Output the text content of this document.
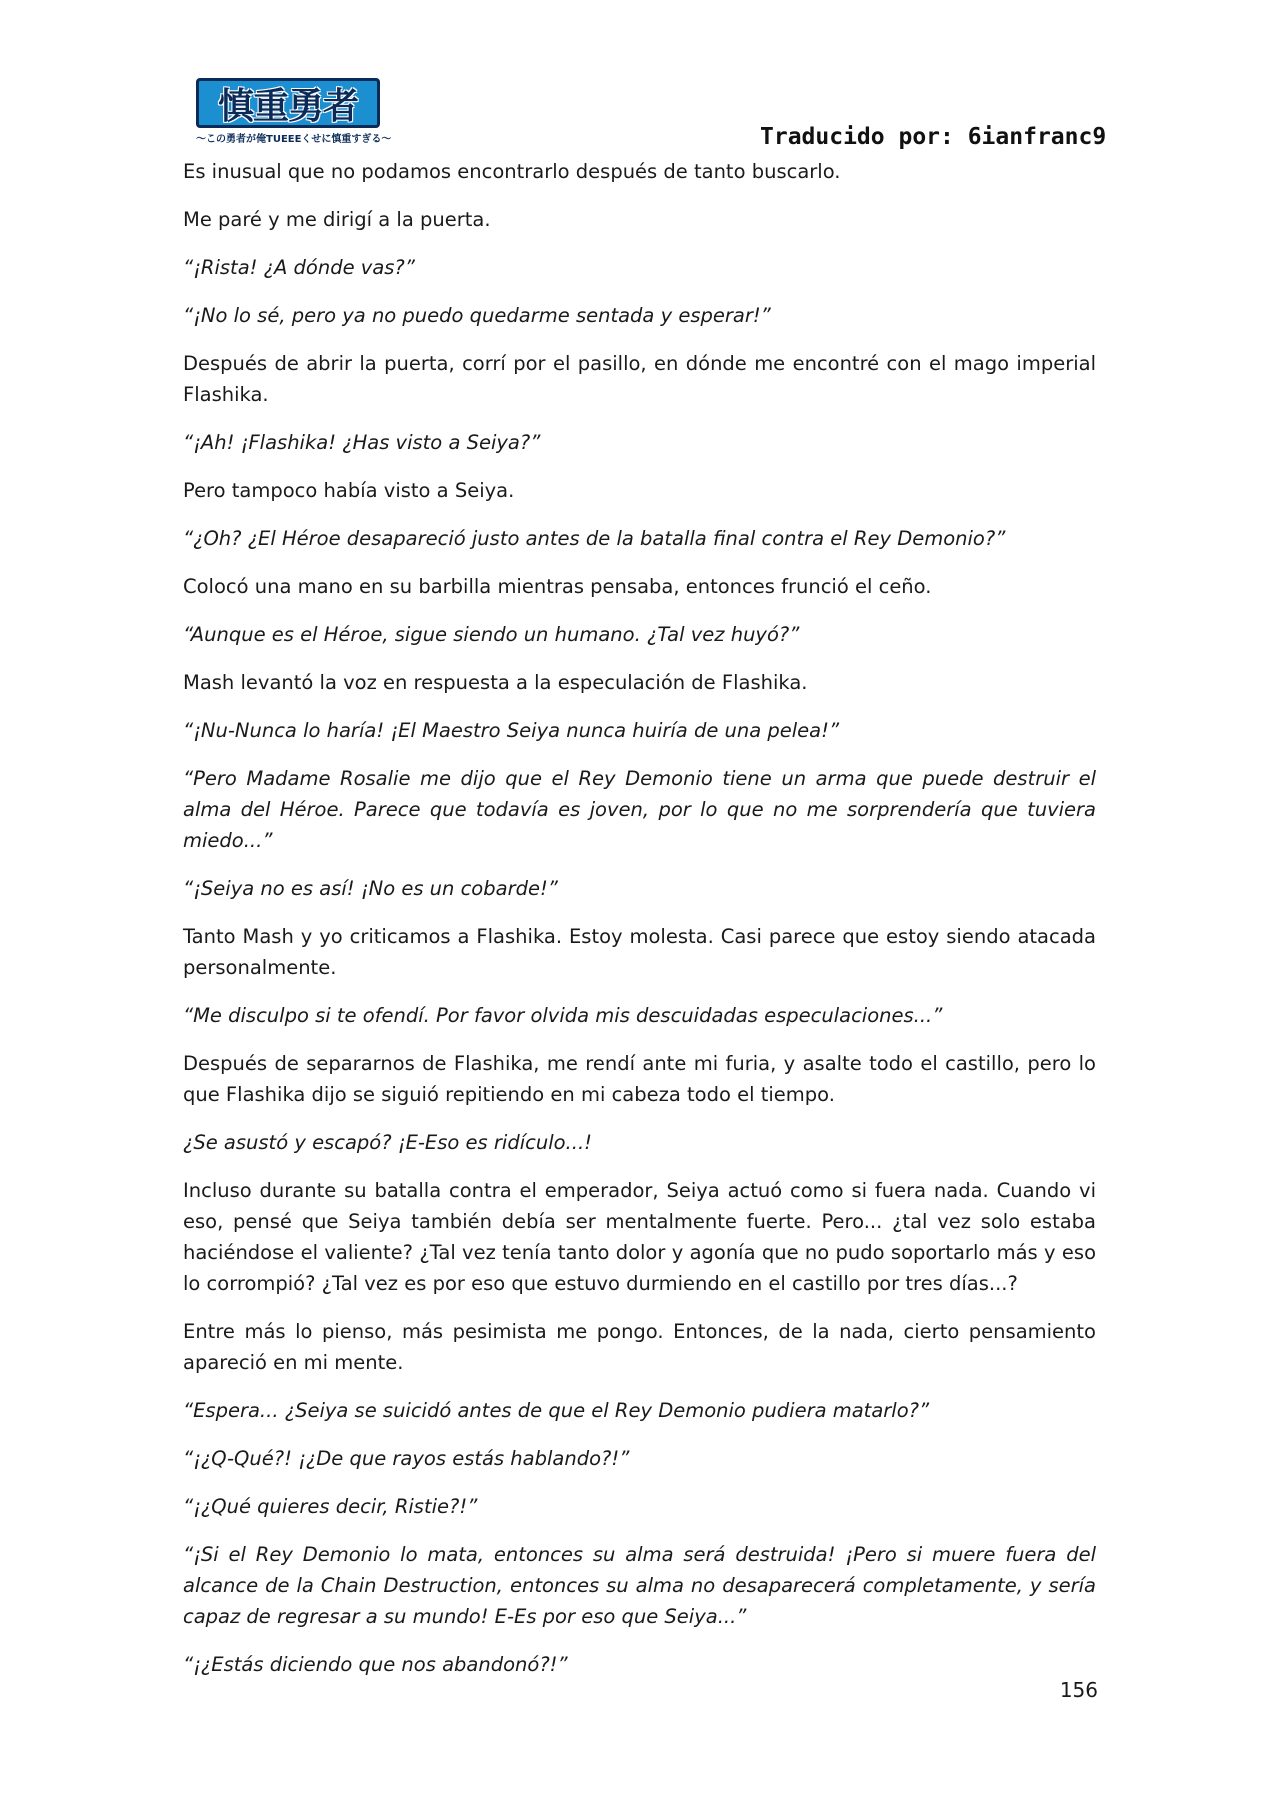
慎重勇者
〜この勇者が俺TUEEEくせに慎重すぎる〜	Traducido por: 6ianfranc9

Es inusual que no podamos encontrarlo después de tanto buscarlo.

Me paré y me dirigí a la puerta.

“¡Rista! ¿A dónde vas?”

“¡No lo sé, pero ya no puedo quedarme sentada y esperar!”

Después de abrir la puerta, corrí por el pasillo, en dónde me encontré con el mago imperial Flashika.

“¡Ah! ¡Flashika! ¿Has visto a Seiya?”

Pero tampoco había visto a Seiya.

“¿Oh? ¿El Héroe desapareció justo antes de la batalla final contra el Rey Demonio?”

Colocó una mano en su barbilla mientras pensaba, entonces frunció el ceño.

“Aunque es el Héroe, sigue siendo un humano. ¿Tal vez huyó?”

Mash levantó la voz en respuesta a la especulación de Flashika.

“¡Nu-Nunca lo haría! ¡El Maestro Seiya nunca huiría de una pelea!”

“Pero Madame Rosalie me dijo que el Rey Demonio tiene un arma que puede destruir el alma del Héroe. Parece que todavía es joven, por lo que no me sorprendería que tuviera miedo...”

“¡Seiya no es así! ¡No es un cobarde!”

Tanto Mash y yo criticamos a Flashika. Estoy molesta. Casi parece que estoy siendo atacada personalmente.

“Me disculpo si te ofendí. Por favor olvida mis descuidadas especulaciones...”

Después de separarnos de Flashika, me rendí ante mi furia, y asalte todo el castillo, pero lo que Flashika dijo se siguió repitiendo en mi cabeza todo el tiempo.

¿Se asustó y escapó? ¡E-Eso es ridículo...!

Incluso durante su batalla contra el emperador, Seiya actuó como si fuera nada. Cuando vi eso, pensé que Seiya también debía ser mentalmente fuerte. Pero... ¿tal vez solo estaba haciéndose el valiente? ¿Tal vez tenía tanto dolor y agonía que no pudo soportarlo más y eso lo corrompió? ¿Tal vez es por eso que estuvo durmiendo en el castillo por tres días...?

Entre más lo pienso, más pesimista me pongo. Entonces, de la nada, cierto pensamiento apareció en mi mente.

“Espera... ¿Seiya se suicidó antes de que el Rey Demonio pudiera matarlo?”

“¡¿Q-Qué?! ¡¿De que rayos estás hablando?!”

“¡¿Qué quieres decir, Ristie?!”

“¡Si el Rey Demonio lo mata, entonces su alma será destruida! ¡Pero si muere fuera del alcance de la Chain Destruction, entonces su alma no desaparecerá completamente, y sería capaz de regresar a su mundo! E-Es por eso que Seiya...”

“¡¿Estás diciendo que nos abandonó?!”

156
